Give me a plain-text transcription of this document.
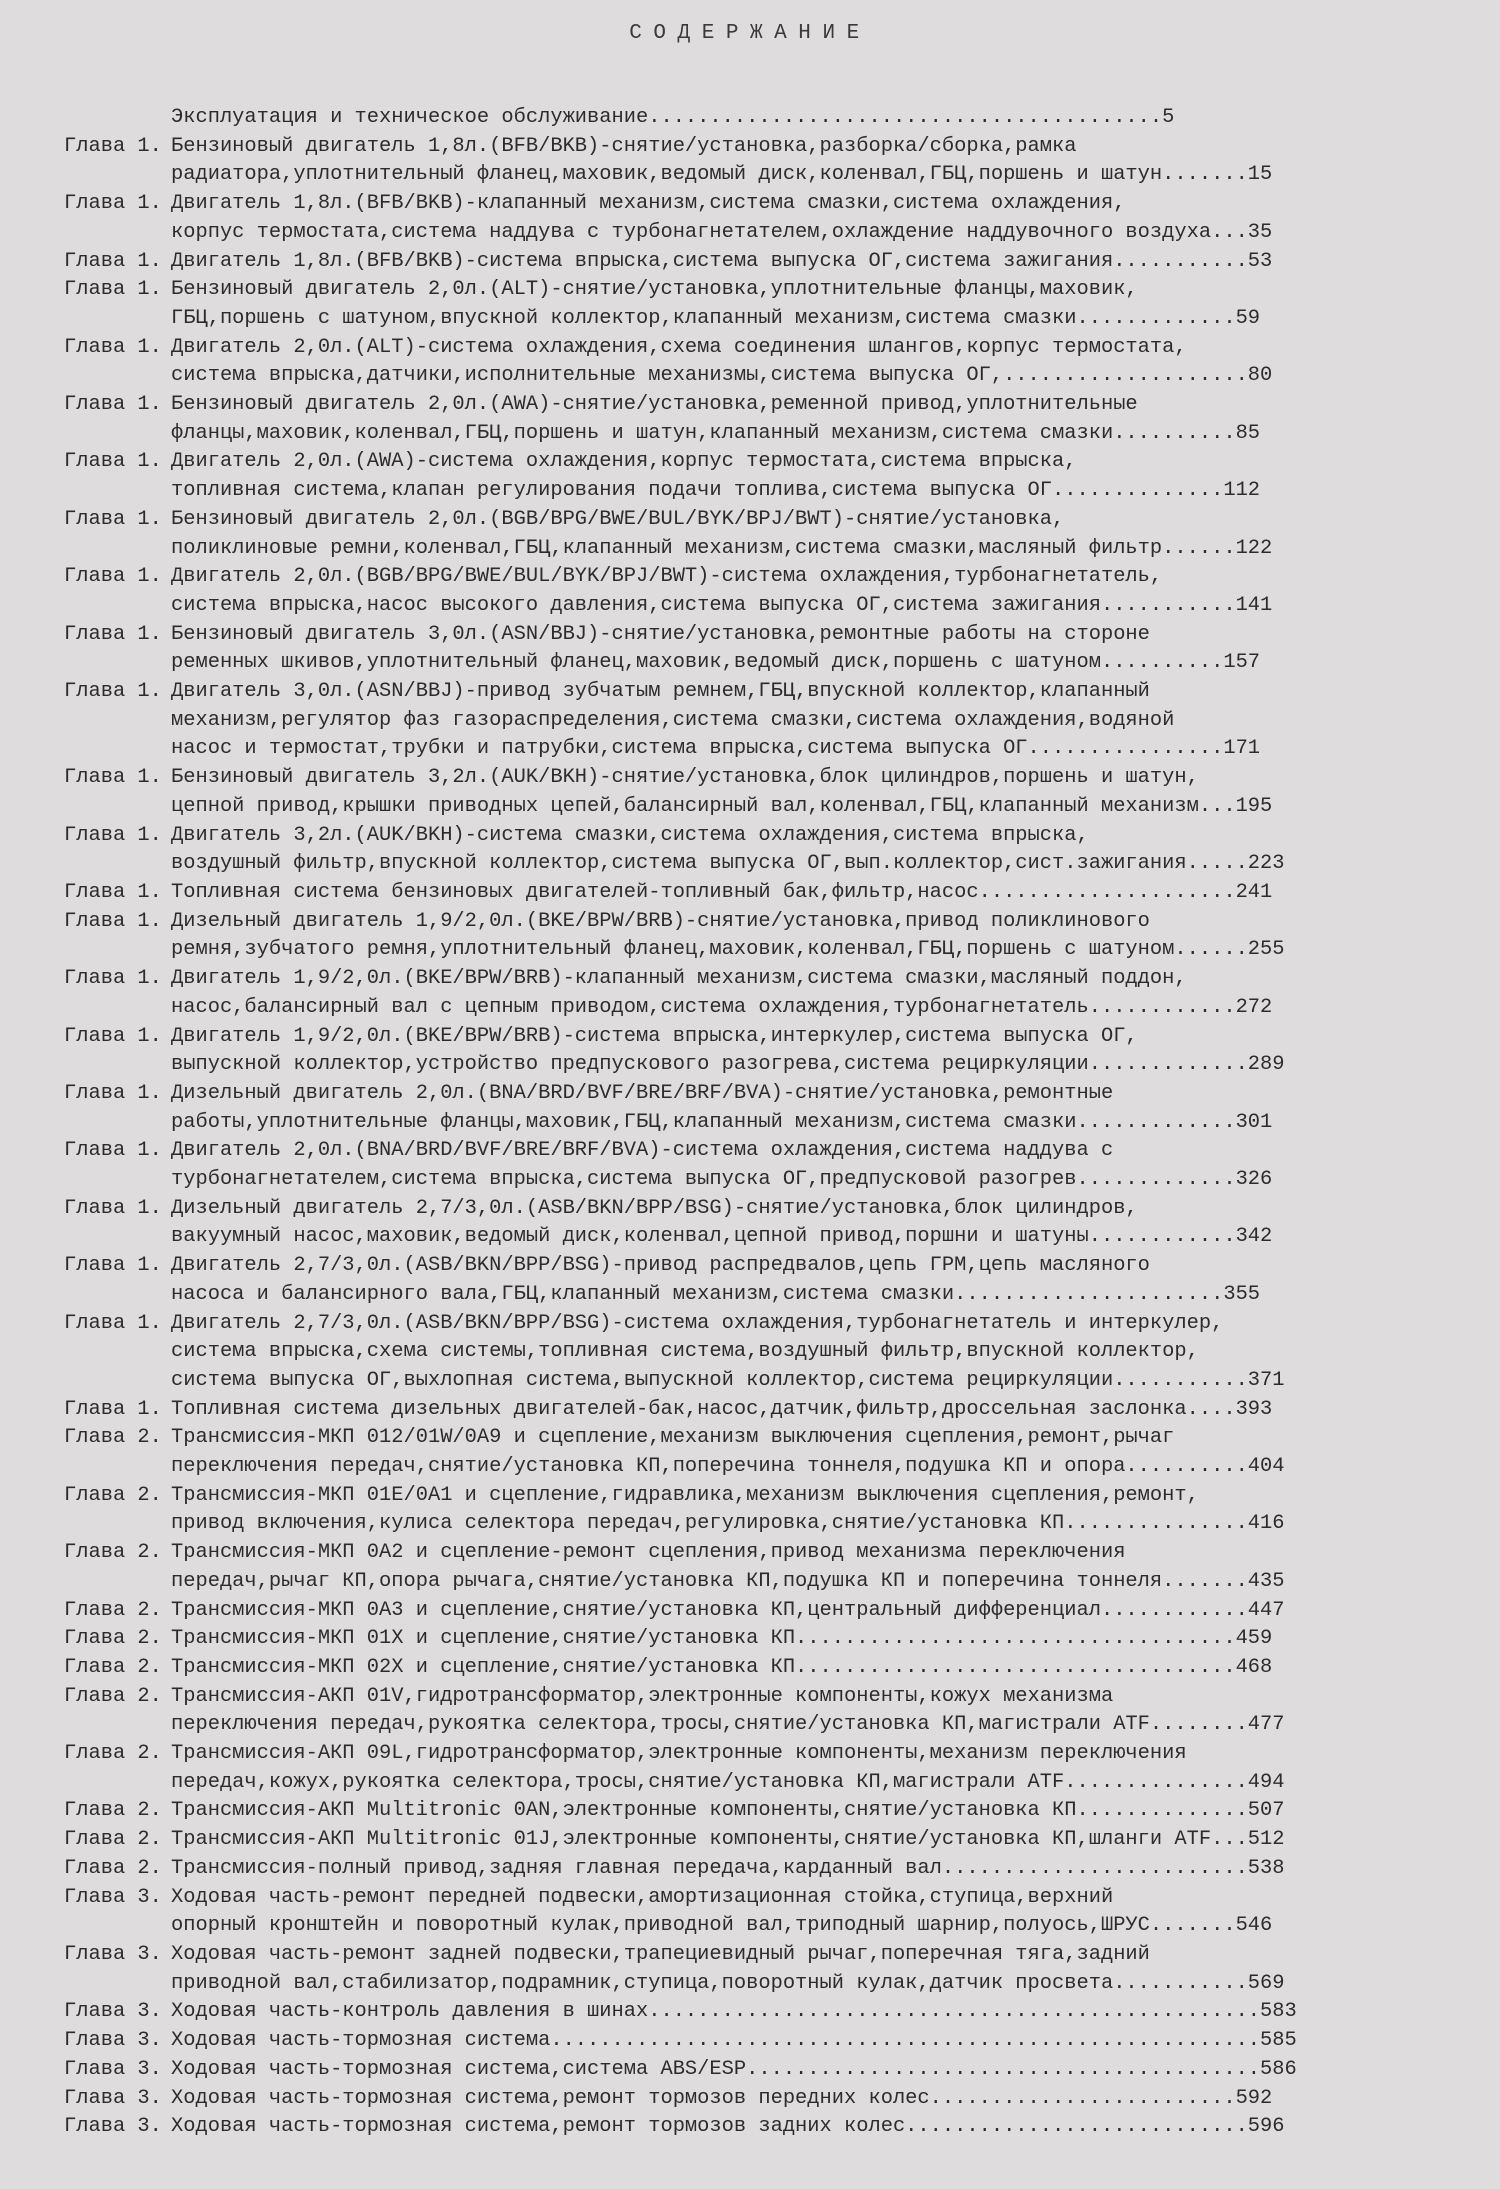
СОДЕРЖАНИЕ
Эксплуатация и техническое обслуживание..........................................5
Глава 1. Бензиновый двигатель 1,8л.(BFB/BKB)-снятие/установка,разборка/сборка,рамка
радиатора,уплотнительный фланец,маховик,ведомый диск,коленвал,ГБЦ,поршень и шатун.......15
Глава 1. Двигатель 1,8л.(BFB/BKB)-клапанный механизм,система смазки,система охлаждения,
корпус термостата,система наддува с турбонагнетателем,охлаждение наддувочного воздуха...35
Глава 1. Двигатель 1,8л.(BFB/BKB)-система впрыска,система выпуска ОГ,система зажигания...........53
Глава 1. Бензиновый двигатель 2,0л.(ALT)-снятие/установка,уплотнительные фланцы,маховик,
ГБЦ,поршень с шатуном,впускной коллектор,клапанный механизм,система смазки.............59
Глава 1. Двигатель 2,0л.(ALT)-система охлаждения,схема соединения шлангов,корпус термостата,
система впрыска,датчики,исполнительные механизмы,система выпуска ОГ,....................80
Глава 1. Бензиновый двигатель 2,0л.(AWA)-снятие/установка,ременной привод,уплотнительные
фланцы,маховик,коленвал,ГБЦ,поршень и шатун,клапанный механизм,система смазки..........85
Глава 1. Двигатель 2,0л.(AWA)-система охлаждения,корпус термостата,система впрыска,
топливная система,клапан регулирования подачи топлива,система выпуска ОГ..............112
Глава 1. Бензиновый двигатель 2,0л.(BGB/BPG/BWE/BUL/BYK/BPJ/BWT)-снятие/установка,
поликлиновые ремни,коленвал,ГБЦ,клапанный механизм,система смазки,масляный фильтр......122
Глава 1. Двигатель 2,0л.(BGB/BPG/BWE/BUL/BYK/BPJ/BWT)-система охлаждения,турбонагнетатель,
система впрыска,насос высокого давления,система выпуска ОГ,система зажигания...........141
Глава 1. Бензиновый двигатель 3,0л.(ASN/BBJ)-снятие/установка,ремонтные работы на стороне
ременных шкивов,уплотнительный фланец,маховик,ведомый диск,поршень с шатуном..........157
Глава 1. Двигатель 3,0л.(ASN/BBJ)-привод зубчатым ремнем,ГБЦ,впускной коллектор,клапанный
механизм,регулятор фаз газораспределения,система смазки,система охлаждения,водяной
насос и термостат,трубки и патрубки,система впрыска,система выпуска ОГ................171
Глава 1. Бензиновый двигатель 3,2л.(AUK/BKH)-снятие/установка,блок цилиндров,поршень и шатун,
цепной привод,крышки приводных цепей,балансирный вал,коленвал,ГБЦ,клапанный механизм...195
Глава 1. Двигатель 3,2л.(AUK/BKH)-система смазки,система охлаждения,система впрыска,
воздушный фильтр,впускной коллектор,система выпуска ОГ,вып.коллектор,сист.зажигания.....223
Глава 1. Топливная система бензиновых двигателей-топливный бак,фильтр,насос.....................241
Глава 1. Дизельный двигатель 1,9/2,0л.(BKE/BPW/BRB)-снятие/установка,привод поликлинового
ремня,зубчатого ремня,уплотнительный фланец,маховик,коленвал,ГБЦ,поршень с шатуном......255
Глава 1. Двигатель 1,9/2,0л.(BKE/BPW/BRB)-клапанный механизм,система смазки,масляный поддон,
насос,балансирный вал с цепным приводом,система охлаждения,турбонагнетатель............272
Глава 1. Двигатель 1,9/2,0л.(BKE/BPW/BRB)-система впрыска,интеркулер,система выпуска ОГ,
выпускной коллектор,устройство предпускового разогрева,система рециркуляции.............289
Глава 1. Дизельный двигатель 2,0л.(BNA/BRD/BVF/BRE/BRF/BVA)-снятие/установка,ремонтные
работы,уплотнительные фланцы,маховик,ГБЦ,клапанный механизм,система смазки.............301
Глава 1. Двигатель 2,0л.(BNA/BRD/BVF/BRE/BRF/BVA)-система охлаждения,система наддува с
турбонагнетателем,система впрыска,система выпуска ОГ,предпусковой разогрев.............326
Глава 1. Дизельный двигатель 2,7/3,0л.(ASB/BKN/BPP/BSG)-снятие/установка,блок цилиндров,
вакуумный насос,маховик,ведомый диск,коленвал,цепной привод,поршни и шатуны............342
Глава 1. Двигатель 2,7/3,0л.(ASB/BKN/BPP/BSG)-привод распредвалов,цепь ГРМ,цепь масляного
насоса и балансирного вала,ГБЦ,клапанный механизм,система смазки......................355
Глава 1. Двигатель 2,7/3,0л.(ASB/BKN/BPP/BSG)-система охлаждения,турбонагнетатель и интеркулер,
система впрыска,схема системы,топливная система,воздушный фильтр,впускной коллектор,
система выпуска ОГ,выхлопная система,выпускной коллектор,система рециркуляции...........371
Глава 1. Топливная система дизельных двигателей-бак,насос,датчик,фильтр,дроссельная заслонка....393
Глава 2. Трансмиссия-МКП 012/01W/0A9 и сцепление,механизм выключения сцепления,ремонт,рычаг
переключения передач,снятие/установка КП,поперечина тоннеля,подушка КП и опора..........404
Глава 2. Трансмиссия-МКП 01E/0A1 и сцепление,гидравлика,механизм выключения сцепления,ремонт,
привод включения,кулиса селектора передач,регулировка,снятие/установка КП...............416
Глава 2. Трансмиссия-МКП 0A2 и сцепление-ремонт сцепления,привод механизма переключения
передач,рычаг КП,опора рычага,снятие/установка КП,подушка КП и поперечина тоннеля.......435
Глава 2. Трансмиссия-МКП 0A3 и сцепление,снятие/установка КП,центральный дифференциал............447
Глава 2. Трансмиссия-МКП 01X и сцепление,снятие/установка КП....................................459
Глава 2. Трансмиссия-МКП 02X и сцепление,снятие/установка КП....................................468
Глава 2. Трансмиссия-АКП 01V,гидротрансформатор,электронные компоненты,кожух механизма
переключения передач,рукоятка селектора,тросы,снятие/установка КП,магистрали ATF........477
Глава 2. Трансмиссия-АКП 09L,гидротрансформатор,электронные компоненты,механизм переключения
передач,кожух,рукоятка селектора,тросы,снятие/установка КП,магистрали ATF...............494
Глава 2. Трансмиссия-АКП Multitronic 0AN,электронные компоненты,снятие/установка КП..............507
Глава 2. Трансмиссия-АКП Multitronic 01J,электронные компоненты,снятие/установка КП,шланги ATF...512
Глава 2. Трансмиссия-полный привод,задняя главная передача,карданный вал.........................538
Глава 3. Ходовая часть-ремонт передней подвески,амортизационная стойка,ступица,верхний
опорный кронштейн и поворотный кулак,приводной вал,триподный шарнир,полуось,ШРУС.......546
Глава 3. Ходовая часть-ремонт задней подвески,трапециевидный рычаг,поперечная тяга,задний
приводной вал,стабилизатор,подрамник,ступица,поворотный кулак,датчик просвета...........569
Глава 3. Ходовая часть-контроль давления в шинах..................................................583
Глава 3. Ходовая часть-тормозная система..........................................................585
Глава 3. Ходовая часть-тормозная система,система ABS/ESP..........................................586
Глава 3. Ходовая часть-тормозная система,ремонт тормозов передних колес.........................592
Глава 3. Ходовая часть-тормозная система,ремонт тормозов задних колес............................596
